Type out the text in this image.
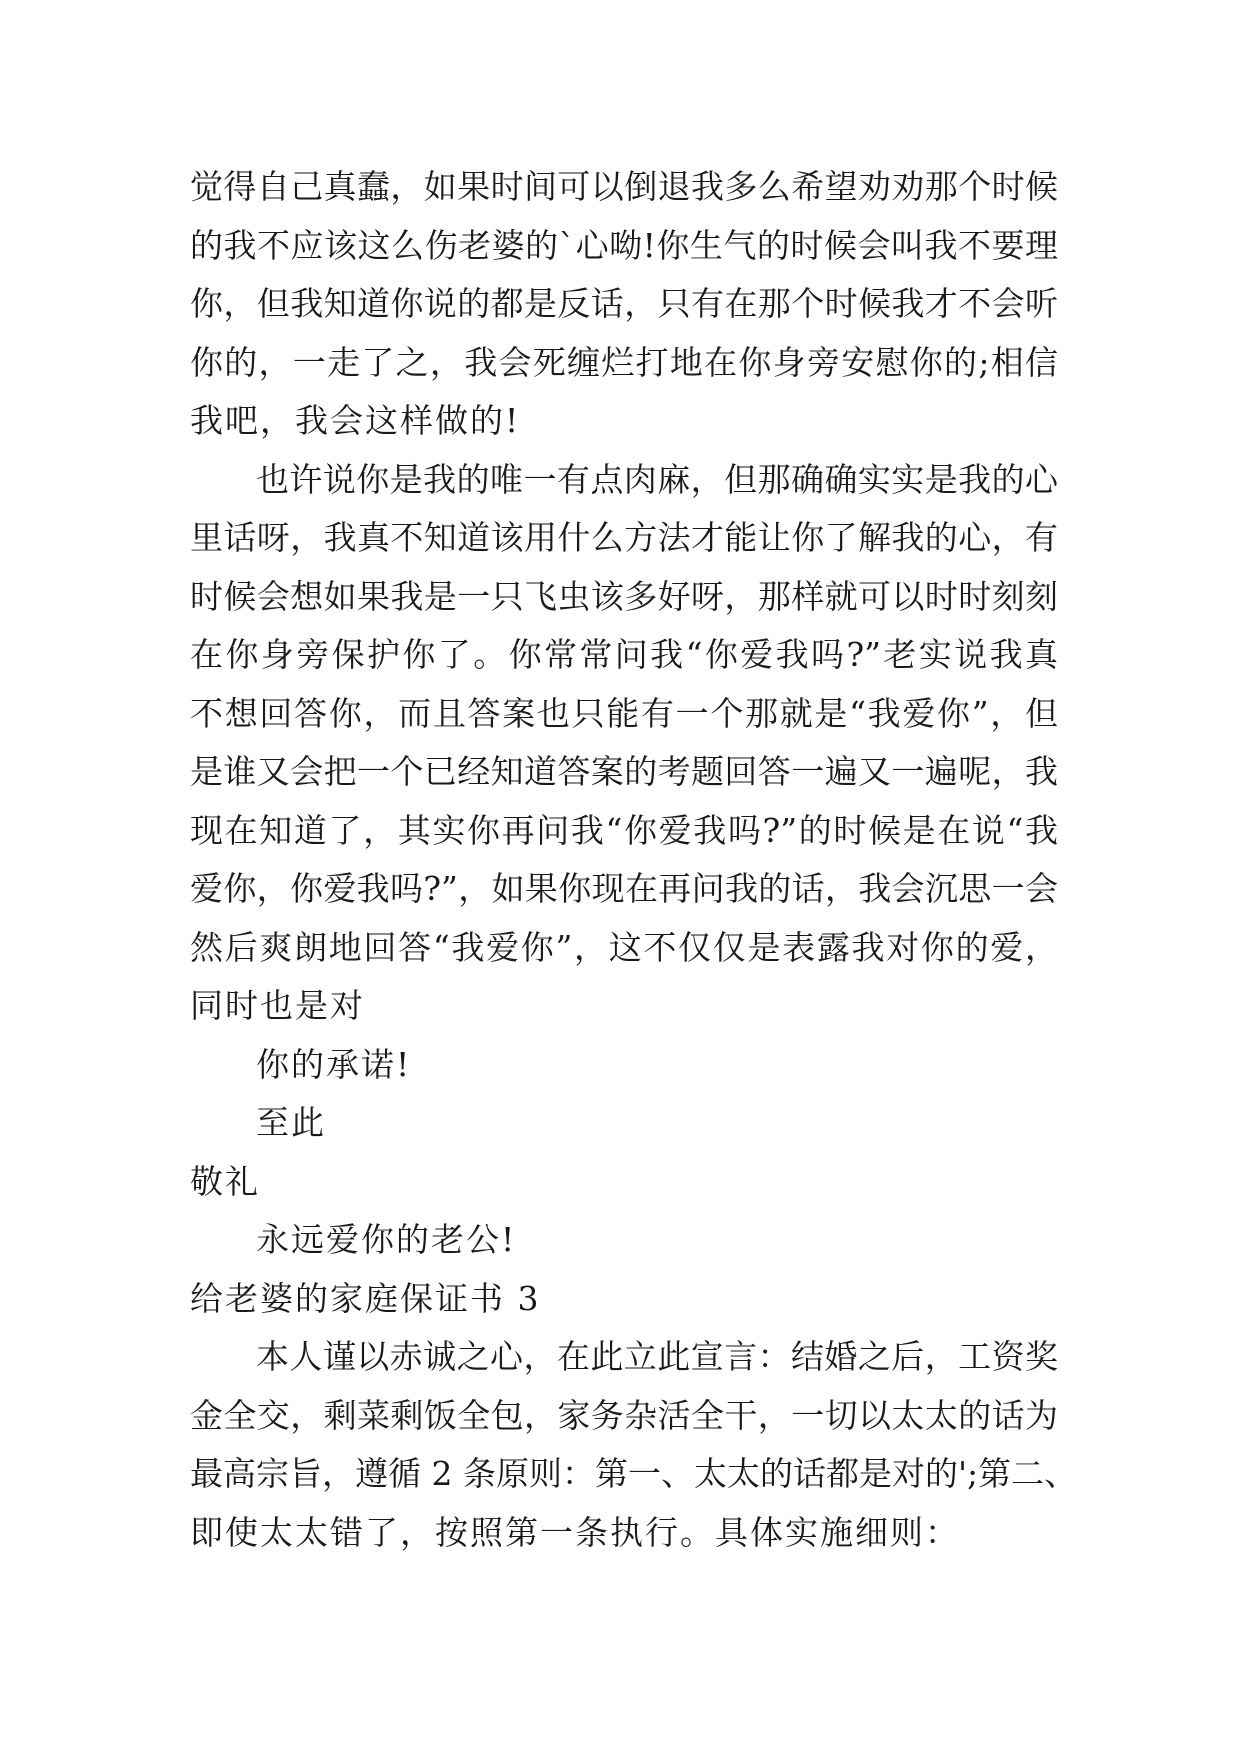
觉得自己真蠢，如果时间可以倒退我多么希望劝劝那个时候
的我不应该这么伤老婆的`心呦!你生气的时候会叫我不要理
你，但我知道你说的都是反话，只有在那个时候我才不会听
你的，一走了之，我会死缠烂打地在你身旁安慰你的;相信
我吧，我会这样做的!
也许说你是我的唯一有点肉麻，但那确确实实是我的心
里话呀，我真不知道该用什么方法才能让你了解我的心，有
时候会想如果我是一只飞虫该多好呀，那样就可以时时刻刻
在你身旁保护你了。你常常问我“你爱我吗?”老实说我真
不想回答你，而且答案也只能有一个那就是“我爱你”，但
是谁又会把一个已经知道答案的考题回答一遍又一遍呢，我
现在知道了，其实你再问我“你爱我吗?”的时候是在说“我
爱你，你爱我吗?”，如果你现在再问我的话，我会沉思一会
然后爽朗地回答“我爱你”，这不仅仅是表露我对你的爱，
同时也是对
你的承诺!
至此
敬礼
永远爱你的老公!
给老婆的家庭保证书 3
本人谨以赤诚之心，在此立此宣言：结婚之后，工资奖
金全交，剩菜剩饭全包，家务杂活全干，一切以太太的话为
最高宗旨，遵循 2 条原则：第一、太太的话都是对的';第二、
即使太太错了，按照第一条执行。具体实施细则：
